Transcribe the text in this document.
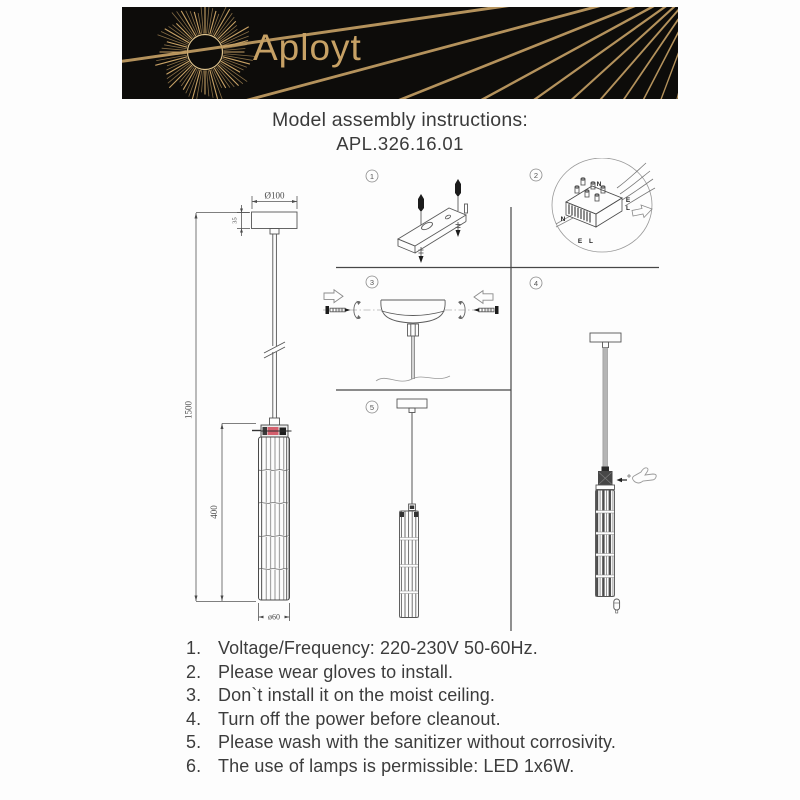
Aployt
Model assembly instructions:
APL.326.16.01
Ø100
35
1500
400
ø60
1	2
3	4
5
N
E
L
N
E L
1. Voltage/Frequency: 220-230V 50-60Hz.
2. Please wear gloves to install.
3. Don`t install it on the moist ceiling.
4. Turn off the power before cleanout.
5. Please wash with the sanitizer without corrosivity.
6. The use of lamps is permissible: LED 1x6W.
